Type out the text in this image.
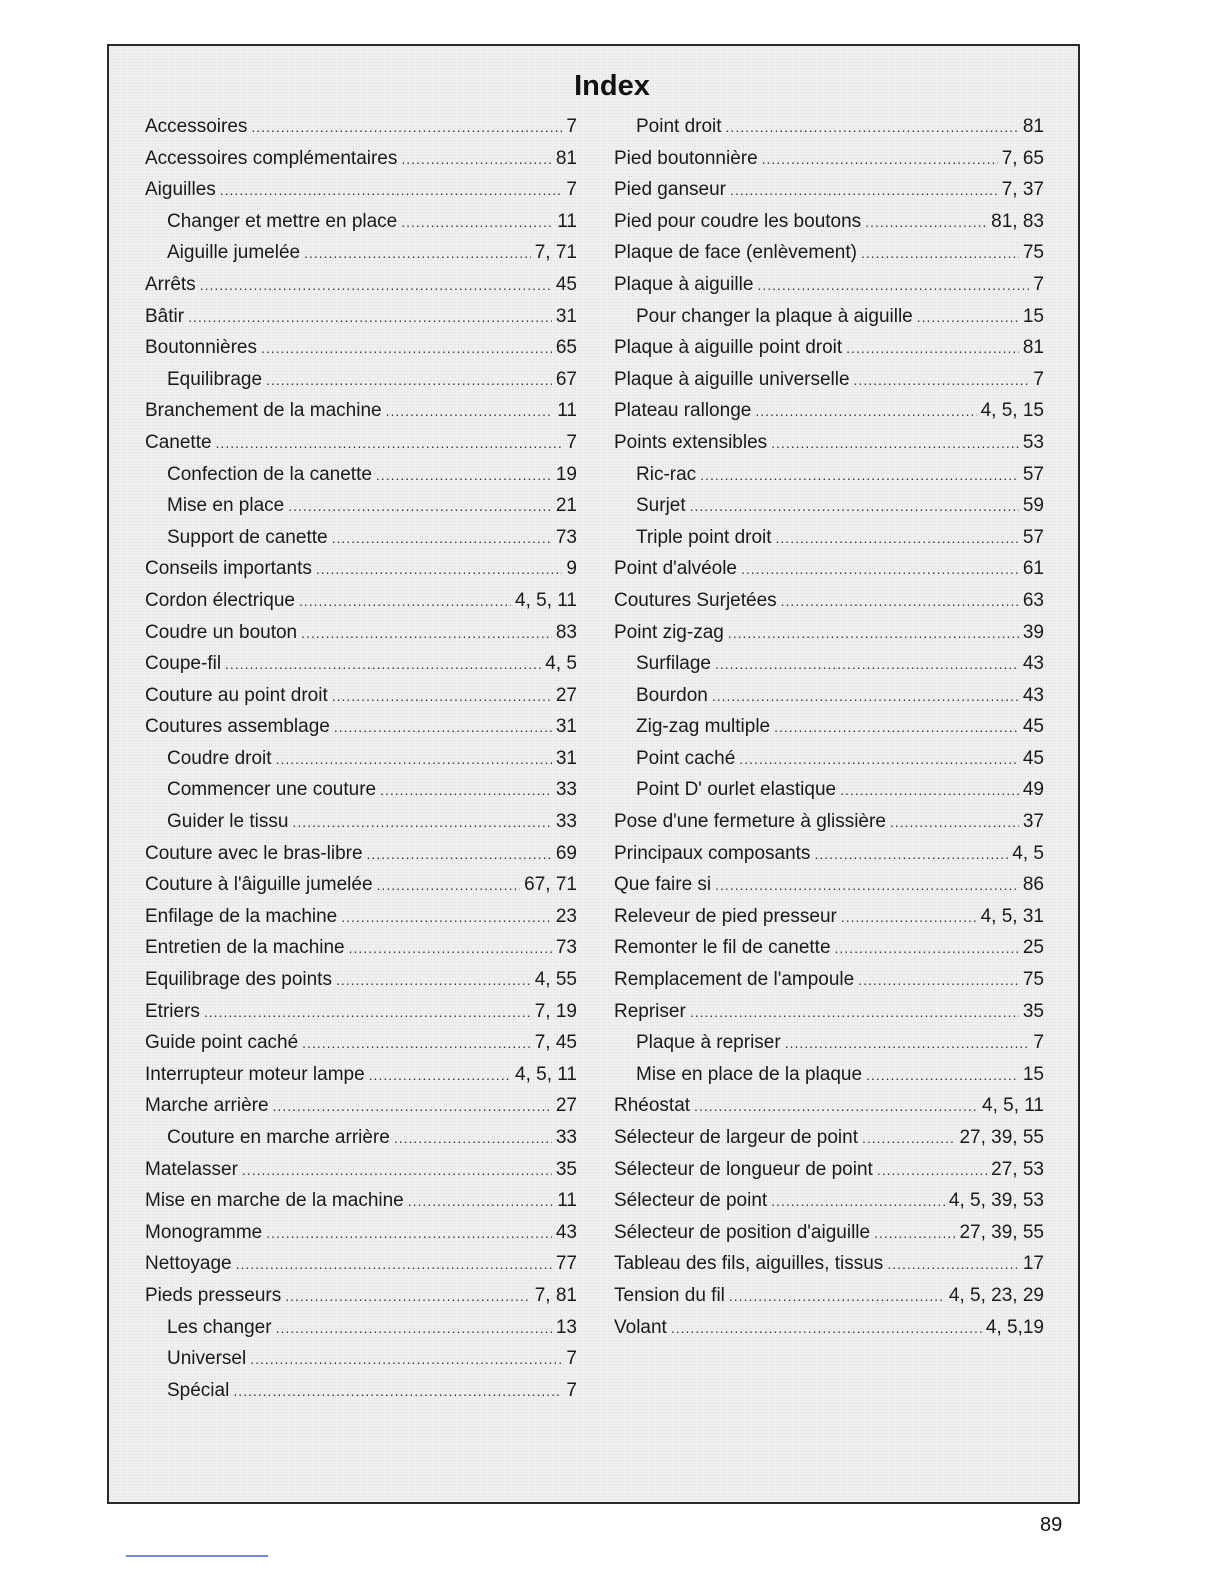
Index
Accessoires .....	7
Accessoires complémentaires .....	81
Aiguilles .....	7
Changer et mettre en place .....	11
Aiguille jumelée .....	7, 71
Arrêts .....	45
Bâtir .....	31
Boutonnières .....	65
Equilibrage .....	67
Branchement de la machine .....	11
Canette .....	7
Confection de la canette .....	19
Mise en place .....	21
Support de canette .....	73
Conseils importants .....	9
Cordon électrique .....	4, 5, 11
Coudre un bouton .....	83
Coupe-fil .....	4, 5
Couture au point droit .....	27
Coutures assemblage .....	31
Coudre droit .....	31
Commencer une couture .....	33
Guider le tissu .....	33
Couture avec le bras-libre .....	69
Couture à l'âiguille jumelée .....	67, 71
Enfilage de la machine .....	23
Entretien de la machine .....	73
Equilibrage des points .....	4, 55
Etriers .....	7, 19
Guide point caché .....	7, 45
Interrupteur moteur lampe .....	4, 5, 11
Marche arrière .....	27
Couture en marche arrière .....	33
Matelasser .....	35
Mise en marche de la machine .....	11
Monogramme .....	43
Nettoyage .....	77
Pieds presseurs .....	7, 81
Les changer .....	13
Universel .....	7
Spécial .....	7
Point droit .....	81
Pied boutonnière .....	7, 65
Pied ganseur .....	7, 37
Pied pour coudre les boutons .....	81, 83
Plaque de face (enlèvement) .....	75
Plaque à aiguille .....	7
Pour changer la plaque à aiguille .....	15
Plaque à aiguille point droit .....	81
Plaque à aiguille universelle .....	7
Plateau rallonge .....	4, 5, 15
Points extensibles .....	53
Ric-rac .....	57
Surjet .....	59
Triple point droit .....	57
Point d'alvéole .....	61
Coutures Surjetées .....	63
Point zig-zag .....	39
Surfilage .....	43
Bourdon .....	43
Zig-zag multiple .....	45
Point caché .....	45
Point D' ourlet elastique .....	49
Pose d'une fermeture à glissière .....	37
Principaux composants .....	4, 5
Que faire si .....	86
Releveur de pied presseur .....	4, 5, 31
Remonter le fil de canette .....	25
Remplacement de l'ampoule .....	75
Repriser .....	35
Plaque à repriser .....	7
Mise en place de la plaque .....	15
Rhéostat .....	4, 5, 11
Sélecteur de largeur de point .....	27, 39, 55
Sélecteur de longueur de point .....	27, 53
Sélecteur de point .....	4, 5, 39, 53
Sélecteur de position d'aiguille .....	27, 39, 55
Tableau des fils, aiguilles, tissus .....	17
Tension du fil .....	4, 5, 23, 29
Volant .....	4, 5,19
89
